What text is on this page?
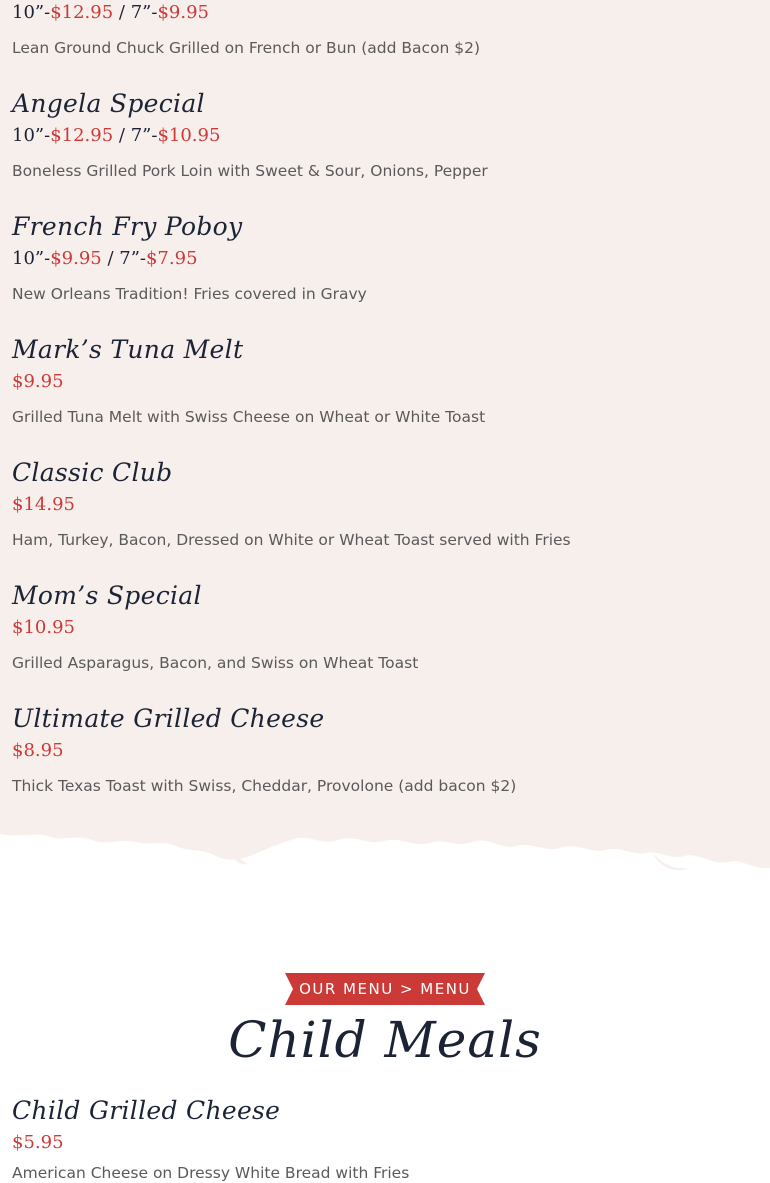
10”-$12.95 / 7”-$9.95
Lean Ground Chuck Grilled on French or Bun (add Bacon $2)
Angela Special
10”-$12.95 / 7”-$10.95
Boneless Grilled Pork Loin with Sweet & Sour, Onions, Pepper
French Fry Poboy
10”-$9.95 / 7”-$7.95
New Orleans Tradition! Fries covered in Gravy
Mark’s Tuna Melt
$9.95
Grilled Tuna Melt with Swiss Cheese on Wheat or White Toast
Classic Club
$14.95
Ham, Turkey, Bacon, Dressed on White or Wheat Toast served with Fries
Mom’s Special
$10.95
Grilled Asparagus, Bacon, and Swiss on Wheat Toast
Ultimate Grilled Cheese
$8.95
Thick Texas Toast with Swiss, Cheddar, Provolone (add bacon $2)
Child Grilled Cheese
$5.95
American Cheese on Dressy White Bread with Fries
OUR MENU > MENU
Child Meals
